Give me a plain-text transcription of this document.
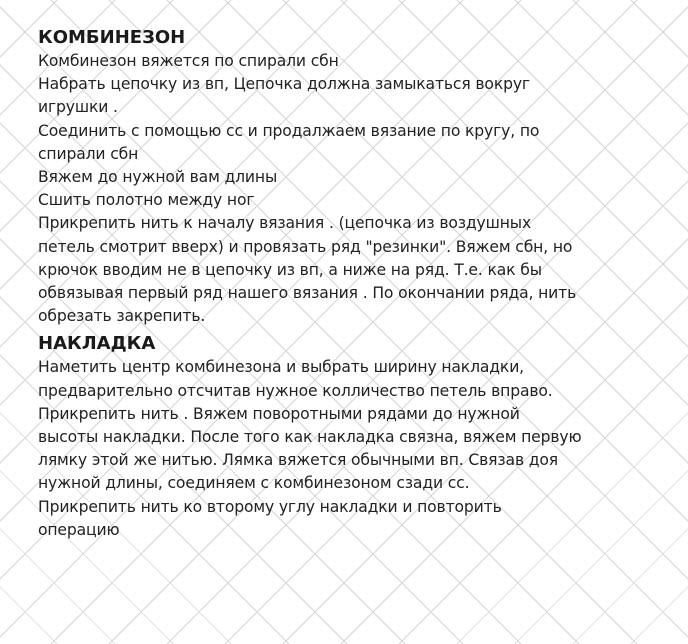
КОМБИНЕЗОН

Комбинезон вяжется по спирали сбн

Набрать цепочку из вп, Цепочка должна замыкаться вокруг

игрушки .

Соединить с помощью сс и продалжаем вязание по кругу, по

спирали сбн

Вяжем до нужной вам длины

Сшить полотно между ног

Прикрепить нить к началу вязания . (цепочка из воздушных

петель смотрит вверх) и провязать ряд "резинки". Вяжем сбн, но

крючок вводим не в цепочку из вп, а ниже на ряд. Т.е. как бы

обвязывая первый ряд нашего вязания . По окончании ряда, нить

обрезать закрепить.

НАКЛАДКА

Наметить центр комбинезона и выбрать ширину накладки,

предварительно отсчитав нужное колличество петель вправо.

Прикрепить нить . Вяжем поворотными рядами до нужной

высоты накладки. После того как накладка связна, вяжем первую

лямку этой же нитью. Лямка вяжется обычными вп. Связав доя

нужной длины, соединяем с комбинезоном сзади сс.

Прикрепить нить ко второму углу накладки и повторить

операцию
